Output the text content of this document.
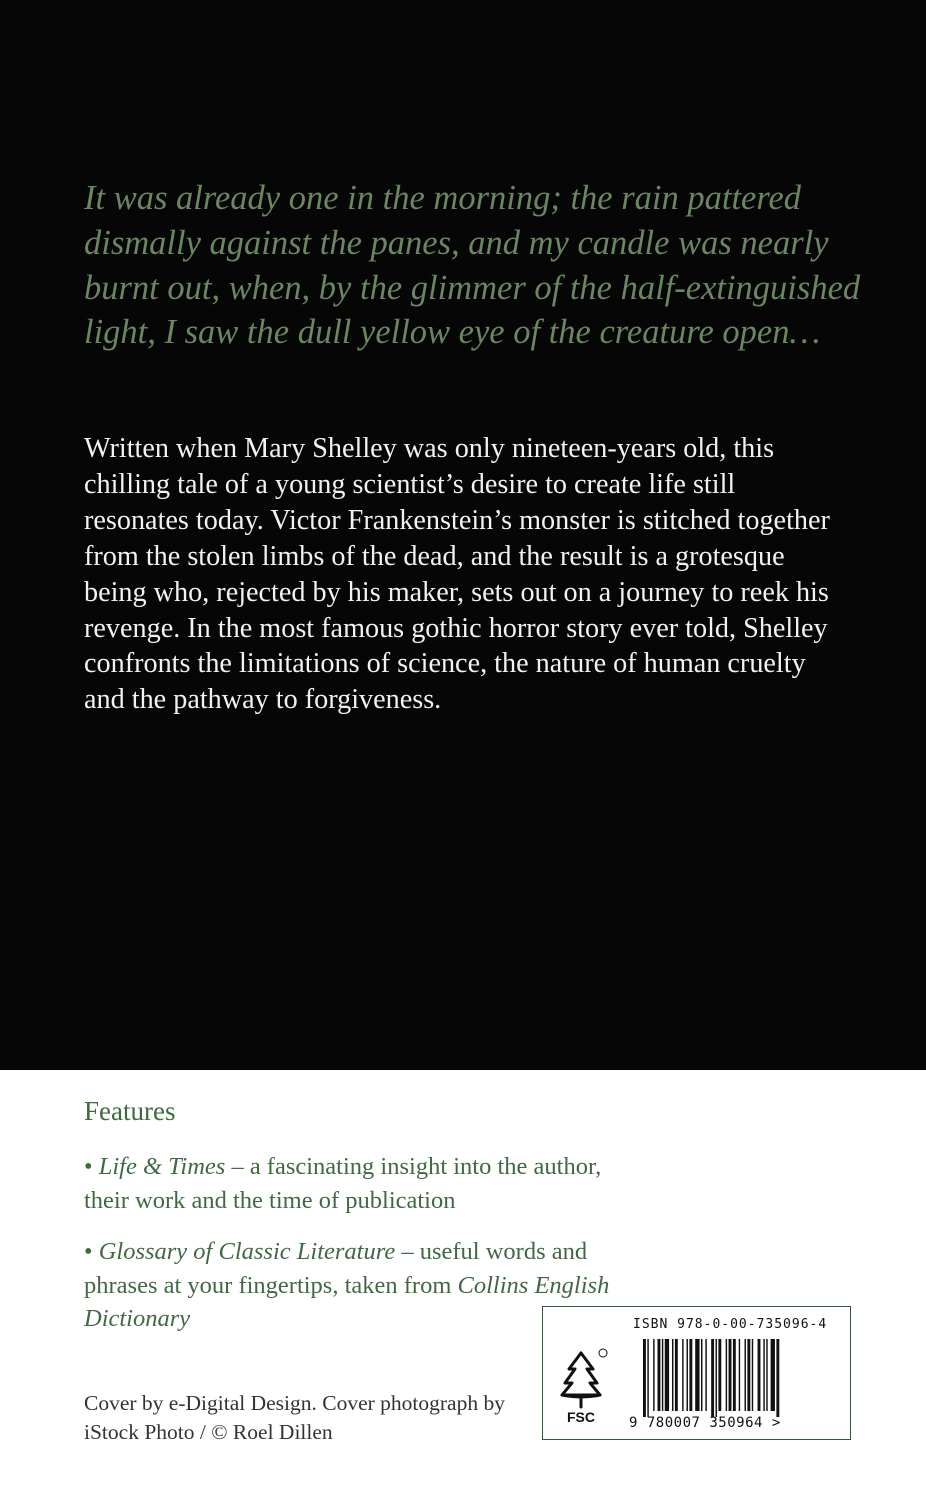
It was already one in the morning; the rain pattered dismally against the panes, and my candle was nearly burnt out, when, by the glimmer of the half-extinguished light, I saw the dull yellow eye of the creature open…

Written when Mary Shelley was only nineteen-years old, this chilling tale of a young scientist’s desire to create life still resonates today. Victor Frankenstein’s monster is stitched together from the stolen limbs of the dead, and the result is a grotesque being who, rejected by his maker, sets out on a journey to reek his revenge. In the most famous gothic horror story ever told, Shelley confronts the limitations of science, the nature of human cruelty and the pathway to forgiveness.

Features

• Life & Times – a fascinating insight into the author, their work and the time of publication

• Glossary of Classic Literature – useful words and phrases at your fingertips, taken from Collins English Dictionary

Cover by e-Digital Design. Cover photograph by iStock Photo / © Roel Dillen

ISBN 978-0-00-735096-4
FSC 9 780007 350964 >
